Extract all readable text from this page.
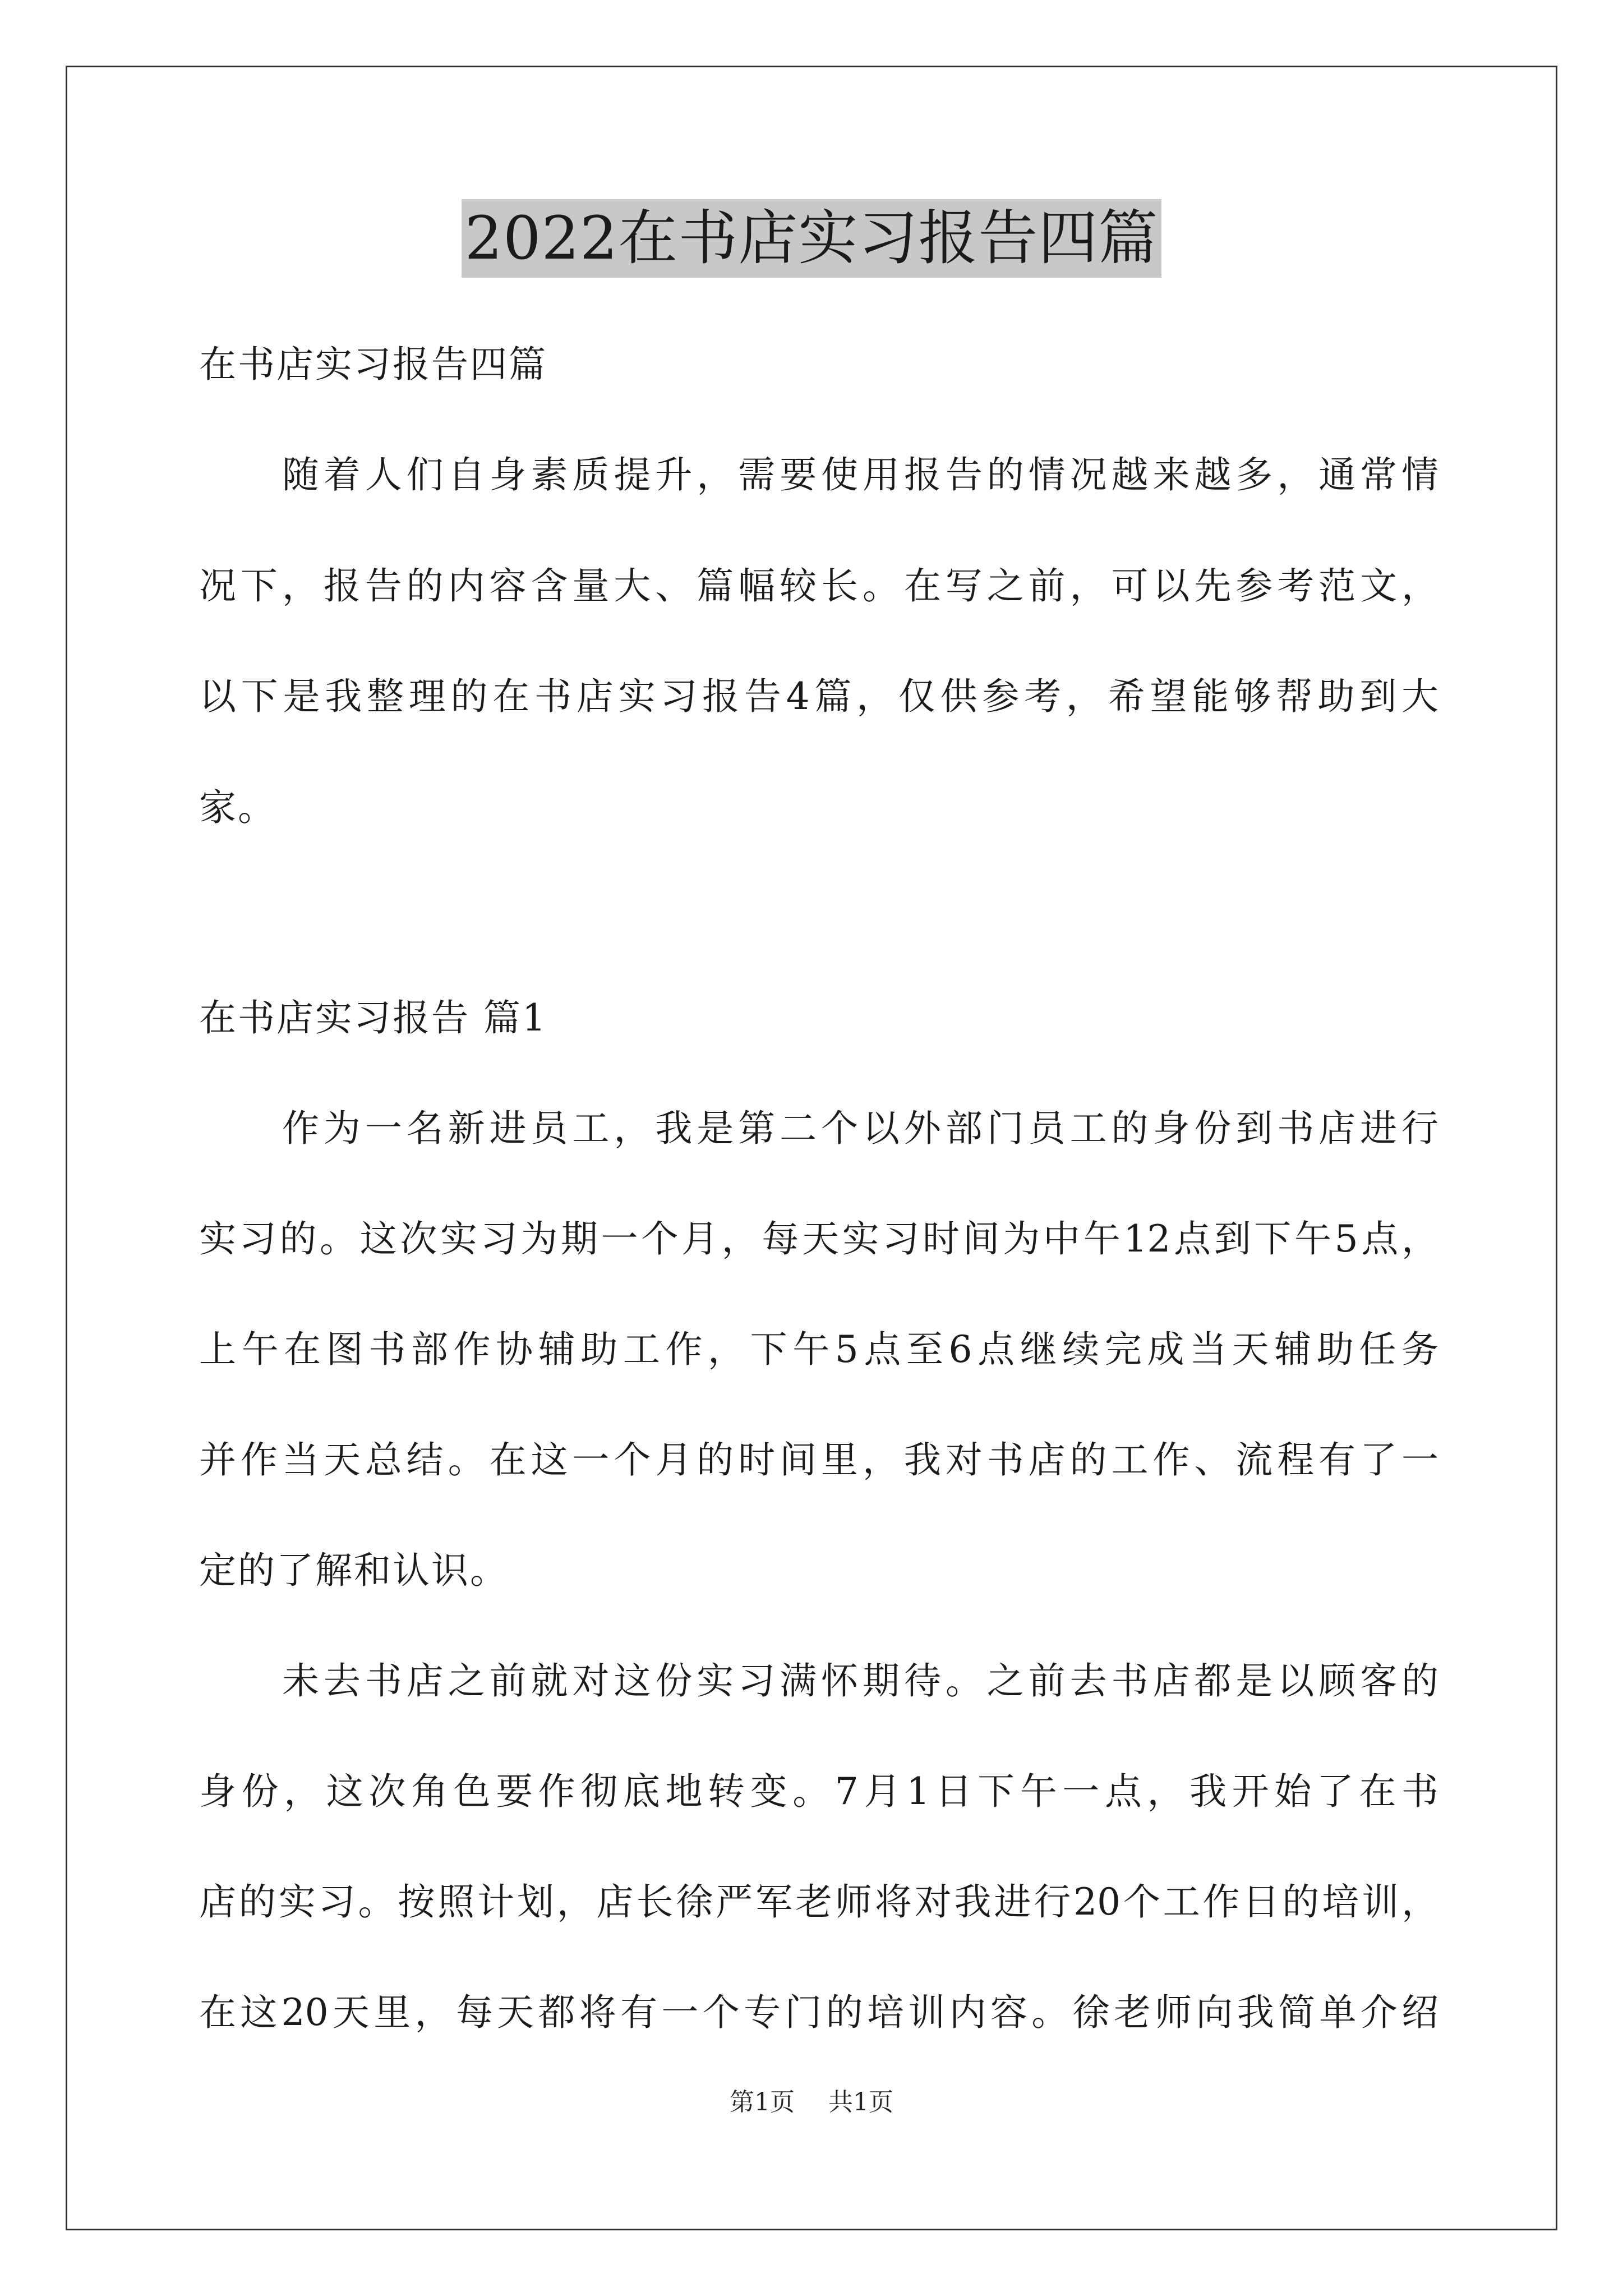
2022在书店实习报告四篇
在书店实习报告四篇
随着人们自身素质提升，需要使用报告的情况越来越多，通常情
况下，报告的内容含量大、篇幅较长。在写之前，可以先参考范文，
以下是我整理的在书店实习报告4篇，仅供参考，希望能够帮助到大
家。
在书店实习报告 篇1
作为一名新进员工，我是第二个以外部门员工的身份到书店进行
实习的。这次实习为期一个月，每天实习时间为中午12点到下午5点，
上午在图书部作协辅助工作，下午5点至6点继续完成当天辅助任务
并作当天总结。在这一个月的时间里，我对书店的工作、流程有了一
定的了解和认识。
未去书店之前就对这份实习满怀期待。之前去书店都是以顾客的
身份，这次角色要作彻底地转变。7月1日下午一点，我开始了在书
店的实习。按照计划，店长徐严军老师将对我进行20个工作日的培训，
在这20天里，每天都将有一个专门的培训内容。徐老师向我简单介绍
第1页 共1页
